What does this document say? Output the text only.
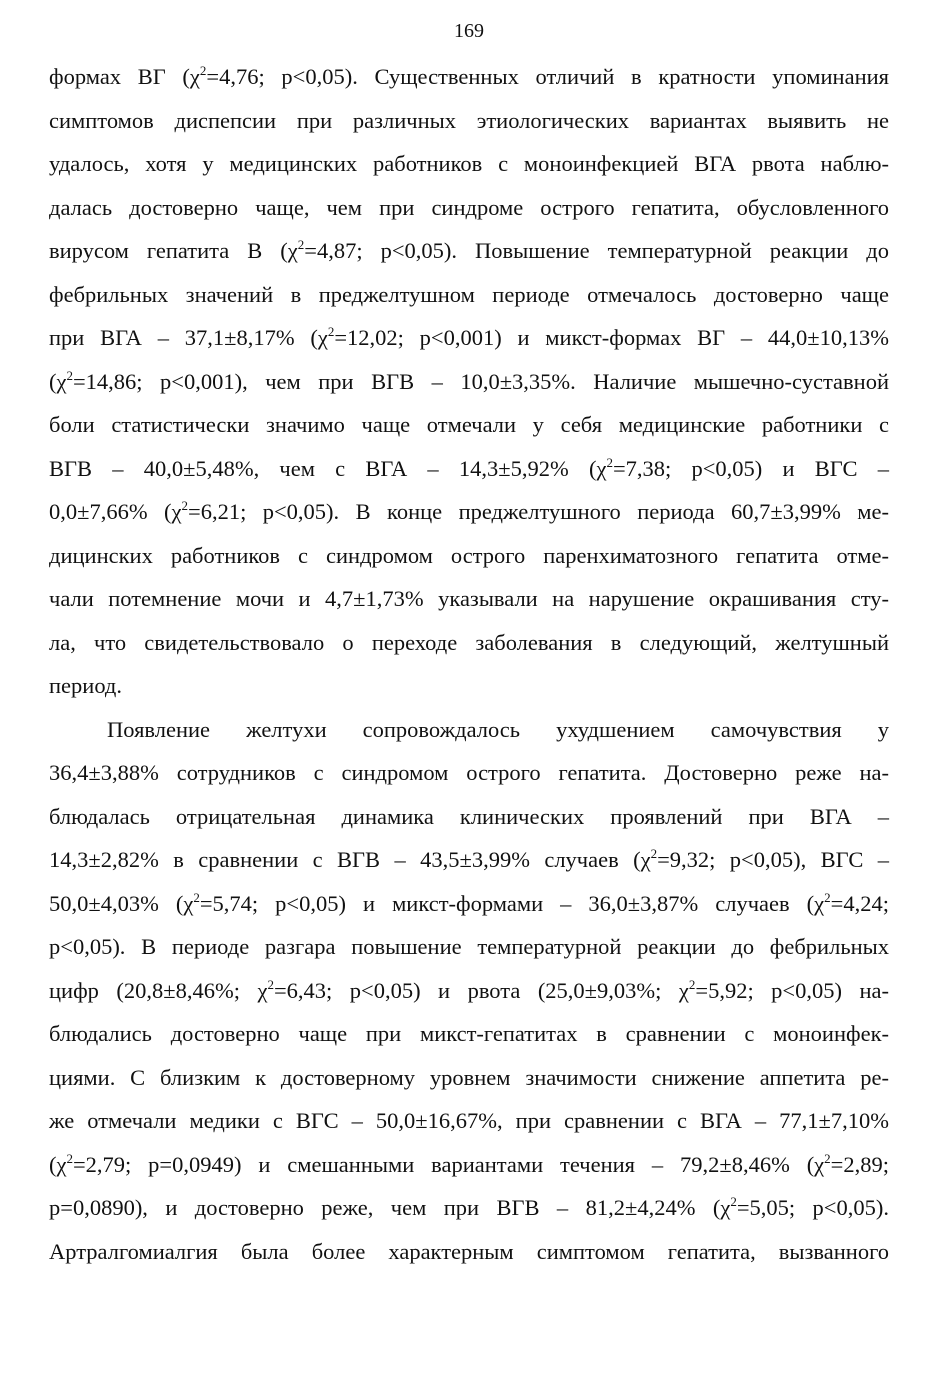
169
формах ВГ ($\chi^2=4,76$; р<0,05). Существенных отличий в кратности упоминания
симптомов диспепсии при различных этиологических вариантах выявить не
удалось, хотя у медицинских работников с моноинфекцией ВГА рвота наблю-
далась достоверно чаще, чем при синдроме острого гепатита, обусловленного
вирусом гепатита В ($\chi^2=4,87$; р<0,05). Повышение температурной реакции до
фебрильных значений в преджелтушном периоде отмечалось достоверно чаще
при ВГА – 37,1±8,17% ($\chi^2=12,02$; р<0,001) и микст-формах ВГ – 44,0±10,13%
($\chi^2=14,86$; р<0,001), чем при ВГВ – 10,0±3,35%. Наличие мышечно-суставной
боли статистически значимо чаще отмечали у себя медицинские работники с
ВГВ – 40,0±5,48%, чем с ВГА – 14,3±5,92% ($\chi^2=7,38$; р<0,05) и ВГС –
0,0±7,66% ($\chi^2=6,21$; р<0,05). В конце преджелтушного периода 60,7±3,99% ме-
дицинских работников с синдромом острого паренхиматозного гепатита отме-
чали потемнение мочи и 4,7±1,73% указывали на нарушение окрашивания сту-
ла, что свидетельствовало о переходе заболевания в следующий, желтушный
период.
Появление желтухи сопровождалось ухудшением самочувствия у
36,4±3,88% сотрудников с синдромом острого гепатита. Достоверно реже на-
блюдалась отрицательная динамика клинических проявлений при ВГА –
14,3±2,82% в сравнении с ВГВ – 43,5±3,99% случаев ($\chi^2=9,32$; р<0,05), ВГС –
50,0±4,03% ($\chi^2=5,74$; р<0,05) и микст-формами – 36,0±3,87% случаев ($\chi^2=4,24$;
р<0,05). В периоде разгара повышение температурной реакции до фебрильных
цифр (20,8±8,46%; $\chi^2=6,43$; р<0,05) и рвота (25,0±9,03%; $\chi^2=5,92$; р<0,05) на-
блюдались достоверно чаще при микст-гепатитах в сравнении с моноинфек-
циями. С близким к достоверному уровнем значимости снижение аппетита ре-
же отмечали медики с ВГС – 50,0±16,67%, при сравнении с ВГА – 77,1±7,10%
($\chi^2=2,79$; р=0,0949) и смешанными вариантами течения – 79,2±8,46% ($\chi^2=2,89$;
р=0,0890), и достоверно реже, чем при ВГВ – 81,2±4,24% ($\chi^2=5,05$; р<0,05).
Артралгомиалгия была более характерным симптомом гепатита, вызванного
